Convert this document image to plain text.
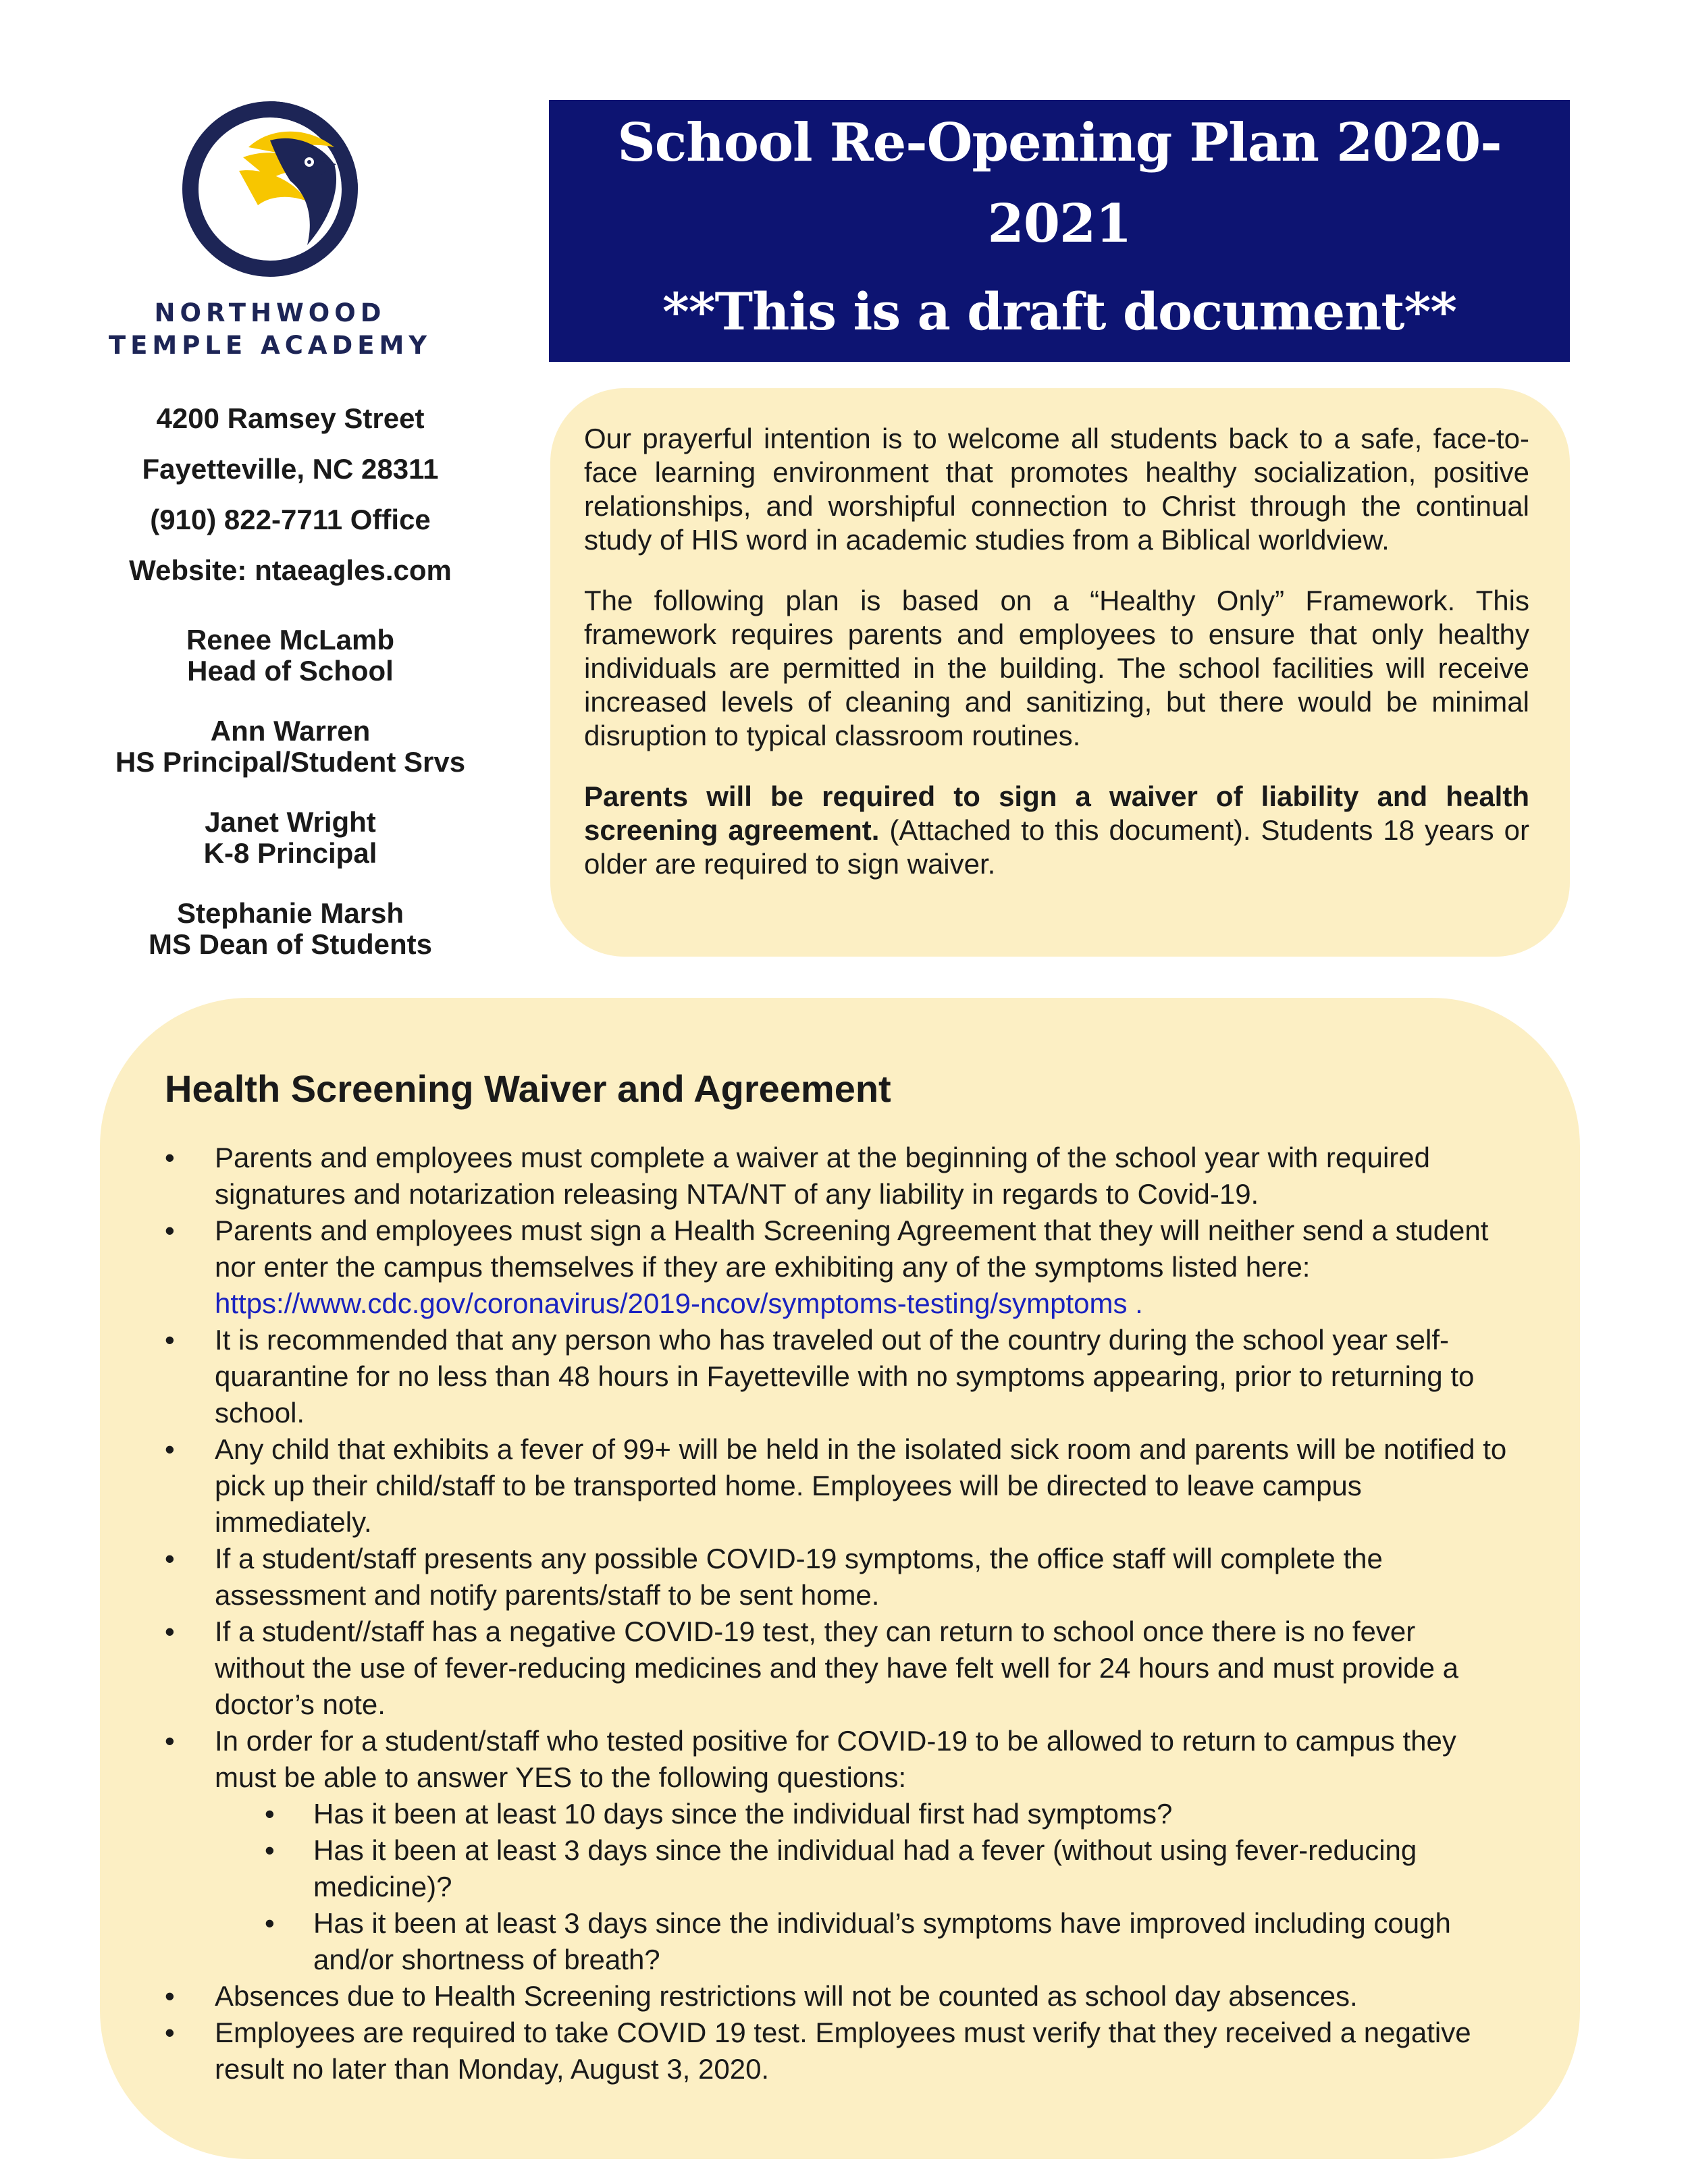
NORTHWOOD
TEMPLE ACADEMY
4200 Ramsey Street
Fayetteville, NC 28311
(910) 822-7711 Office
Website: ntaeagles.com
Renee McLamb
Head of School
Ann Warren
HS Principal/Student Srvs
Janet Wright
K-8 Principal
Stephanie Marsh
MS Dean of Students
School Re-Opening Plan 2020-2021
**This is a draft document**

Our prayerful intention is to welcome all students back to a safe, face-to-face learning environment that promotes healthy socialization, positive relationships, and worshipful connection to Christ through the continual study of HIS word in academic studies from a Biblical worldview.

The following plan is based on a “Healthy Only” Framework. This framework requires parents and employees to ensure that only healthy individuals are permitted in the building. The school facilities will receive increased levels of cleaning and sanitizing, but there would be minimal disruption to typical classroom routines.

Parents will be required to sign a waiver of liability and health screening agreement. (Attached to this document). Students 18 years or older are required to sign waiver.

Health Screening Waiver and Agreement
• Parents and employees must complete a waiver at the beginning of the school year with required signatures and notarization releasing NTA/NT of any liability in regards to Covid-19.
• Parents and employees must sign a Health Screening Agreement that they will neither send a student nor enter the campus themselves if they are exhibiting any of the symptoms listed here:
https://www.cdc.gov/coronavirus/2019-ncov/symptoms-testing/symptoms .
• It is recommended that any person who has traveled out of the country during the school year self-quarantine for no less than 48 hours in Fayetteville with no symptoms appearing, prior to returning to school.
• Any child that exhibits a fever of 99+ will be held in the isolated sick room and parents will be notified to pick up their child/staff to be transported home. Employees will be directed to leave campus immediately.
• If a student/staff presents any possible COVID-19 symptoms, the office staff will complete the assessment and notify parents/staff to be sent home.
• If a student//staff has a negative COVID-19 test, they can return to school once there is no fever without the use of fever-reducing medicines and they have felt well for 24 hours and must provide a doctor’s note.
• In order for a student/staff who tested positive for COVID-19 to be allowed to return to campus they must be able to answer YES to the following questions:
• Has it been at least 10 days since the individual first had symptoms?
• Has it been at least 3 days since the individual had a fever (without using fever-reducing medicine)?
• Has it been at least 3 days since the individual’s symptoms have improved including cough and/or shortness of breath?
• Absences due to Health Screening restrictions will not be counted as school day absences.
• Employees are required to take COVID 19 test. Employees must verify that they received a negative result no later than Monday, August 3, 2020.
